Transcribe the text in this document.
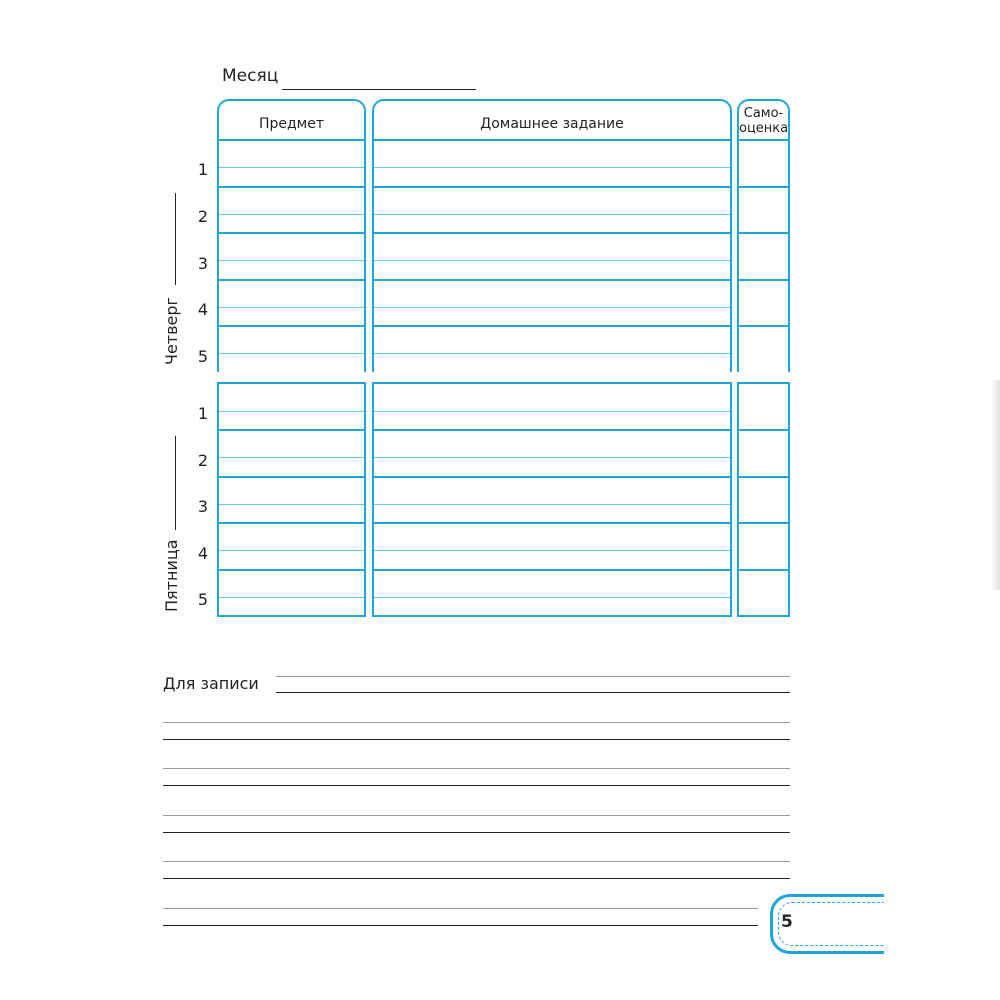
Месяц
Предмет	Домашнее задание
Само-
оценка
1
2
3
4
5
1
2
3
4
5
Четверг
Пятница
Для записи
5
